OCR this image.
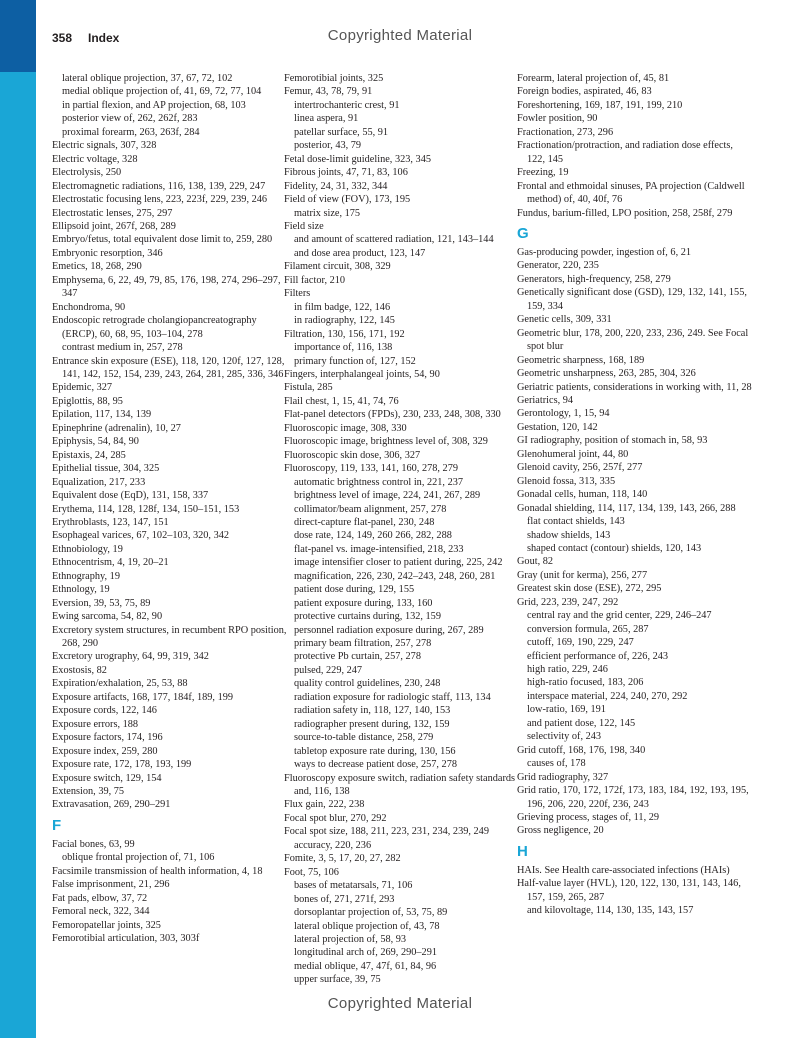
358 Index	Copyrighted Material
lateral oblique projection, 37, 67, 72, 102
medial oblique projection of, 41, 69, 72, 77, 104
in partial flexion, and AP projection, 68, 103
posterior view of, 262, 262f, 283
proximal forearm, 263, 263f, 284
Electric signals, 307, 328
Electric voltage, 328
Electrolysis, 250
Electromagnetic radiations, 116, 138, 139, 229, 247
Electrostatic focusing lens, 223, 223f, 229, 239, 246
Electrostatic lenses, 275, 297
Ellipsoid joint, 267f, 268, 289
Embryo/fetus, total equivalent dose limit to, 259, 280
Embryonic resorption, 346
Emetics, 18, 268, 290
Emphysema, 6, 22, 49, 79, 85, 176, 198, 274, 296–297, 347
Enchondroma, 90
Endoscopic retrograde cholangiopancreatography (ERCP), 60, 68, 95, 103–104, 278
contrast medium in, 257, 278
Entrance skin exposure (ESE), 118, 120, 120f, 127, 128, 141, 142, 152, 154, 239, 243, 264, 281, 285, 336, 346
Epidemic, 327
Epiglottis, 88, 95
Epilation, 117, 134, 139
Epinephrine (adrenalin), 10, 27
Epiphysis, 54, 84, 90
Epistaxis, 24, 285
Epithelial tissue, 304, 325
Equalization, 217, 233
Equivalent dose (EqD), 131, 158, 337
Erythema, 114, 128, 128f, 134, 150–151, 153
Erythroblasts, 123, 147, 151
Esophageal varices, 67, 102–103, 320, 342
Ethnobiology, 19
Ethnocentrism, 4, 19, 20–21
Ethnography, 19
Ethnology, 19
Eversion, 39, 53, 75, 89
Ewing sarcoma, 54, 82, 90
Excretory system structures, in recumbent RPO position, 268, 290
Excretory urography, 64, 99, 319, 342
Exostosis, 82
Expiration/exhalation, 25, 53, 88
Exposure artifacts, 168, 177, 184f, 189, 199
Exposure cords, 122, 146
Exposure errors, 188
Exposure factors, 174, 196
Exposure index, 259, 280
Exposure rate, 172, 178, 193, 199
Exposure switch, 129, 154
Extension, 39, 75
Extravasation, 269, 290–291
F
Facial bones, 63, 99
oblique frontal projection of, 71, 106
Facsimile transmission of health information, 4, 18
False imprisonment, 21, 296
Fat pads, elbow, 37, 72
Femoral neck, 322, 344
Femoropatellar joints, 325
Femorotibial articulation, 303, 303f
Femorotibial joints, 325
Femur, 43, 78, 79, 91
intertrochanteric crest, 91
linea aspera, 91
patellar surface, 55, 91
posterior, 43, 79
Fetal dose-limit guideline, 323, 345
Fibrous joints, 47, 71, 83, 106
Fidelity, 24, 31, 332, 344
Field of view (FOV), 173, 195
matrix size, 175
Field size
and amount of scattered radiation, 121, 143–144
and dose area product, 123, 147
Filament circuit, 308, 329
Fill factor, 210
Filters
in film badge, 122, 146
in radiography, 122, 145
Filtration, 130, 156, 171, 192
importance of, 116, 138
primary function of, 127, 152
Fingers, interphalangeal joints, 54, 90
Fistula, 285
Flail chest, 1, 15, 41, 74, 76
Flat-panel detectors (FPDs), 230, 233, 248, 308, 330
Fluoroscopic image, 308, 330
Fluoroscopic image, brightness level of, 308, 329
Fluoroscopic skin dose, 306, 327
Fluoroscopy, 119, 133, 141, 160, 278, 279
automatic brightness control in, 221, 237
brightness level of image, 224, 241, 267, 289
collimator/beam alignment, 257, 278
direct-capture flat-panel, 230, 248
dose rate, 124, 149, 260 266, 282, 288
flat-panel vs. image-intensified, 218, 233
image intensifier closer to patient during, 225, 242
magnification, 226, 230, 242–243, 248, 260, 281
patient dose during, 129, 155
patient exposure during, 133, 160
protective curtains during, 132, 159
personnel radiation exposure during, 267, 289
primary beam filtration, 257, 278
protective Pb curtain, 257, 278
pulsed, 229, 247
quality control guidelines, 230, 248
radiation exposure for radiologic staff, 113, 134
radiation safety in, 118, 127, 140, 153
radiographer present during, 132, 159
source-to-table distance, 258, 279
tabletop exposure rate during, 130, 156
ways to decrease patient dose, 257, 278
Fluoroscopy exposure switch, radiation safety standards and, 116, 138
Flux gain, 222, 238
Focal spot blur, 270, 292
Focal spot size, 188, 211, 223, 231, 234, 239, 249
accuracy, 220, 236
Fomite, 3, 5, 17, 20, 27, 282
Foot, 75, 106
bases of metatarsals, 71, 106
bones of, 271, 271f, 293
dorsoplantar projection of, 53, 75, 89
lateral oblique projection of, 43, 78
lateral projection of, 58, 93
longitudinal arch of, 269, 290–291
medial oblique, 47, 47f, 61, 84, 96
upper surface, 39, 75
Forearm, lateral projection of, 45, 81
Foreign bodies, aspirated, 46, 83
Foreshortening, 169, 187, 191, 199, 210
Fowler position, 90
Fractionation, 273, 296
Fractionation/protraction, and radiation dose effects, 122, 145
Freezing, 19
Frontal and ethmoidal sinuses, PA projection (Caldwell method) of, 40, 40f, 76
Fundus, barium-filled, LPO position, 258, 258f, 279
G
Gas-producing powder, ingestion of, 6, 21
Generator, 220, 235
Generators, high-frequency, 258, 279
Genetically significant dose (GSD), 129, 132, 141, 155, 159, 334
Genetic cells, 309, 331
Geometric blur, 178, 200, 220, 233, 236, 249. See Focal spot blur
Geometric sharpness, 168, 189
Geometric unsharpness, 263, 285, 304, 326
Geriatric patients, considerations in working with, 11, 28
Geriatrics, 94
Gerontology, 1, 15, 94
Gestation, 120, 142
GI radiography, position of stomach in, 58, 93
Glenohumeral joint, 44, 80
Glenoid cavity, 256, 257f, 277
Glenoid fossa, 313, 335
Gonadal cells, human, 118, 140
Gonadal shielding, 114, 117, 134, 139, 143, 266, 288
flat contact shields, 143
shadow shields, 143
shaped contact (contour) shields, 120, 143
Gout, 82
Gray (unit for kerma), 256, 277
Greatest skin dose (ESE), 272, 295
Grid, 223, 239, 247, 292
central ray and the grid center, 229, 246–247
conversion formula, 265, 287
cutoff, 169, 190, 229, 247
efficient performance of, 226, 243
high ratio, 229, 246
high-ratio focused, 183, 206
interspace material, 224, 240, 270, 292
low-ratio, 169, 191
and patient dose, 122, 145
selectivity of, 243
Grid cutoff, 168, 176, 198, 340
causes of, 178
Grid radiography, 327
Grid ratio, 170, 172, 172f, 173, 183, 184, 192, 193, 195, 196, 206, 220, 220f, 236, 243
Grieving process, stages of, 11, 29
Gross negligence, 20
H
HAIs. See Health care-associated infections (HAIs)
Half-value layer (HVL), 120, 122, 130, 131, 143, 146, 157, 159, 265, 287
and kilovoltage, 114, 130, 135, 143, 157
Copyrighted Material
